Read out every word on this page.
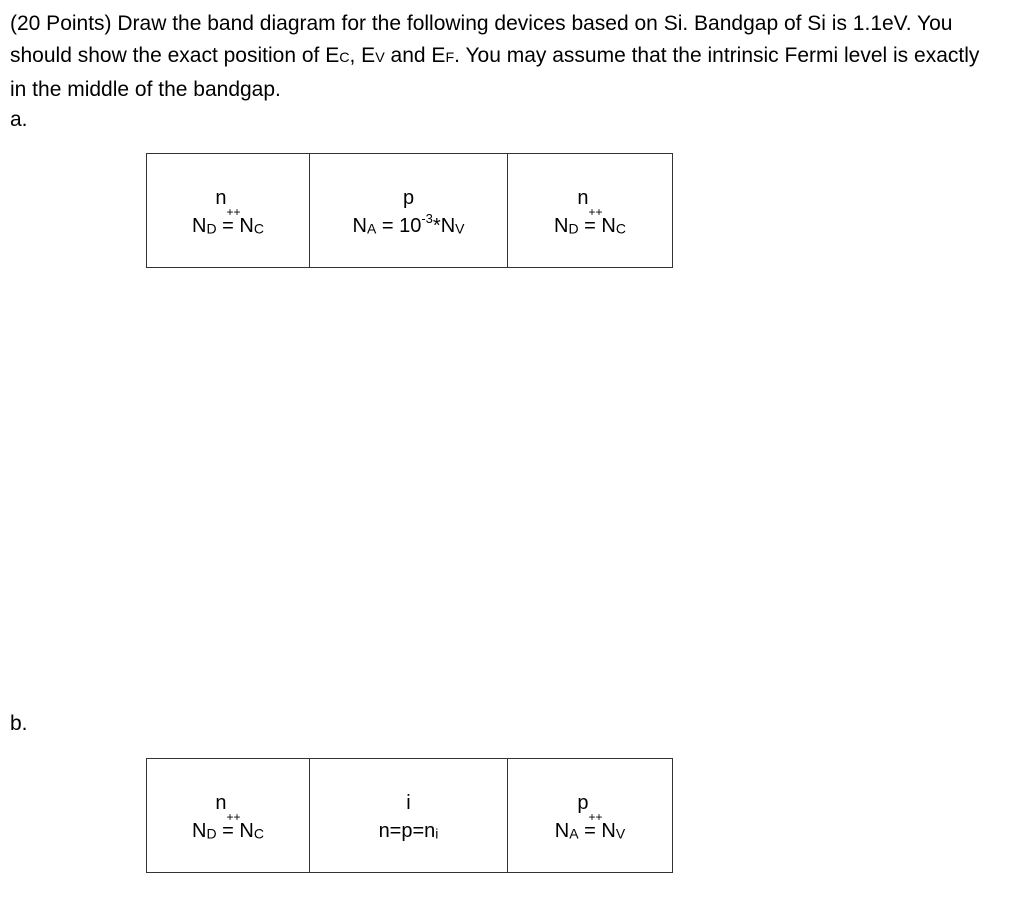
(20 Points) Draw the band diagram for the following devices based on Si. Bandgap of Si is 1.1eV. You should show the exact position of EC, EV and EF. You may assume that the intrinsic Fermi level is exactly in the middle of the bandgap.

a.

n
++
$N_D = N_C$
p
$N_A = 10^{-3}*N_V$
n
++
$N_D = N_C$

b.

n
++
$N_D = N_C$
i
$n=p=n_i$
p
++
$N_A = N_V$
